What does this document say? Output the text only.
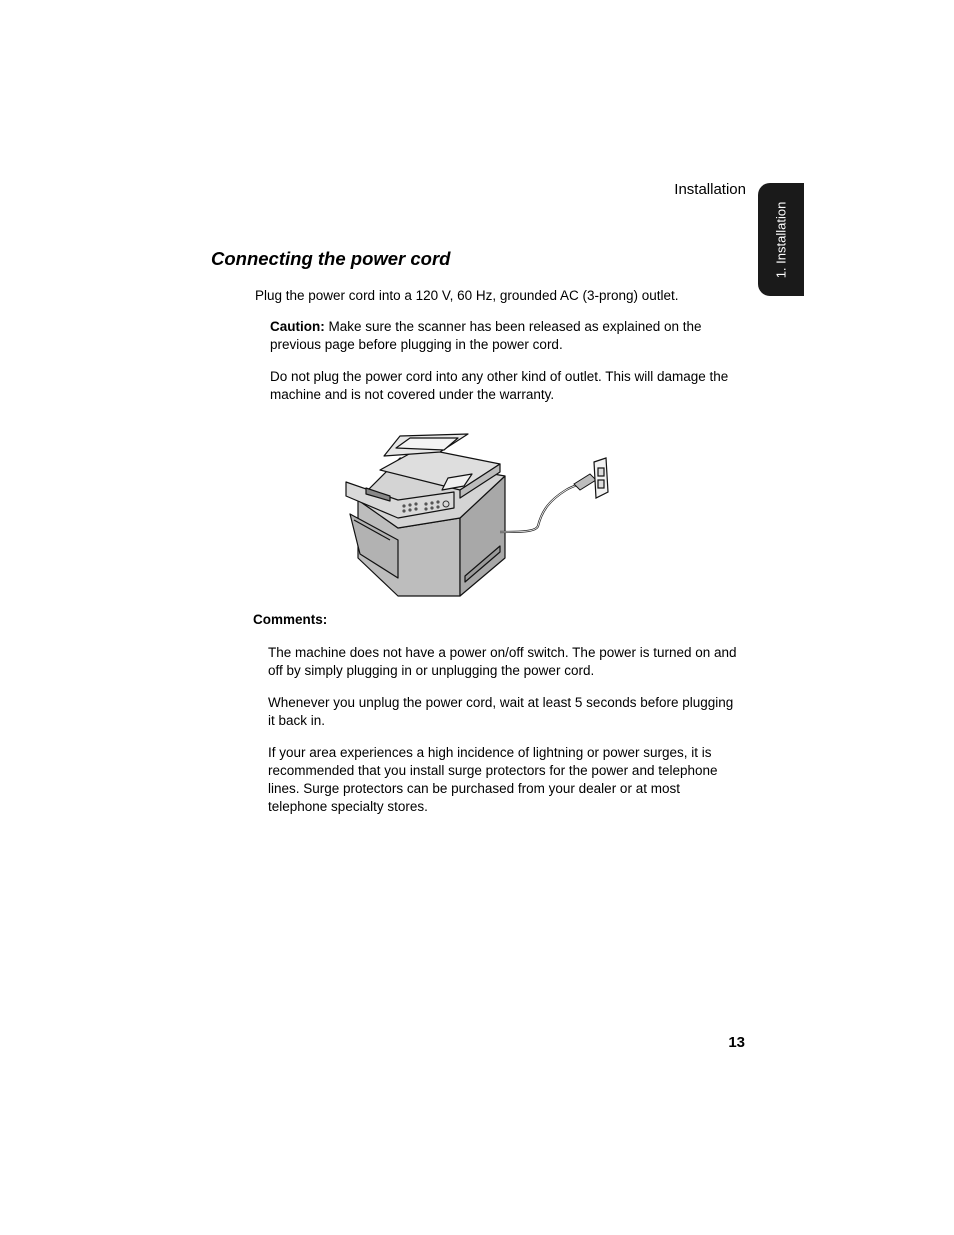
Installation
1. Installation
Connecting the power cord
Plug the power cord into a 120 V, 60 Hz, grounded AC (3-prong) outlet.
Caution: Make sure the scanner has been released as explained on the previous page before plugging in the power cord.
Do not plug the power cord into any other kind of outlet. This will damage the machine and is not covered under the warranty.
Comments:
The machine does not have a power on/off switch. The power is turned on and off by simply plugging in or unplugging the power cord.
Whenever you unplug the power cord, wait at least 5 seconds before plugging it back in.
If your area experiences a high incidence of lightning or power surges, it is recommended that you install surge protectors for the power and telephone lines. Surge protectors can be purchased from your dealer or at most telephone specialty stores.
13
